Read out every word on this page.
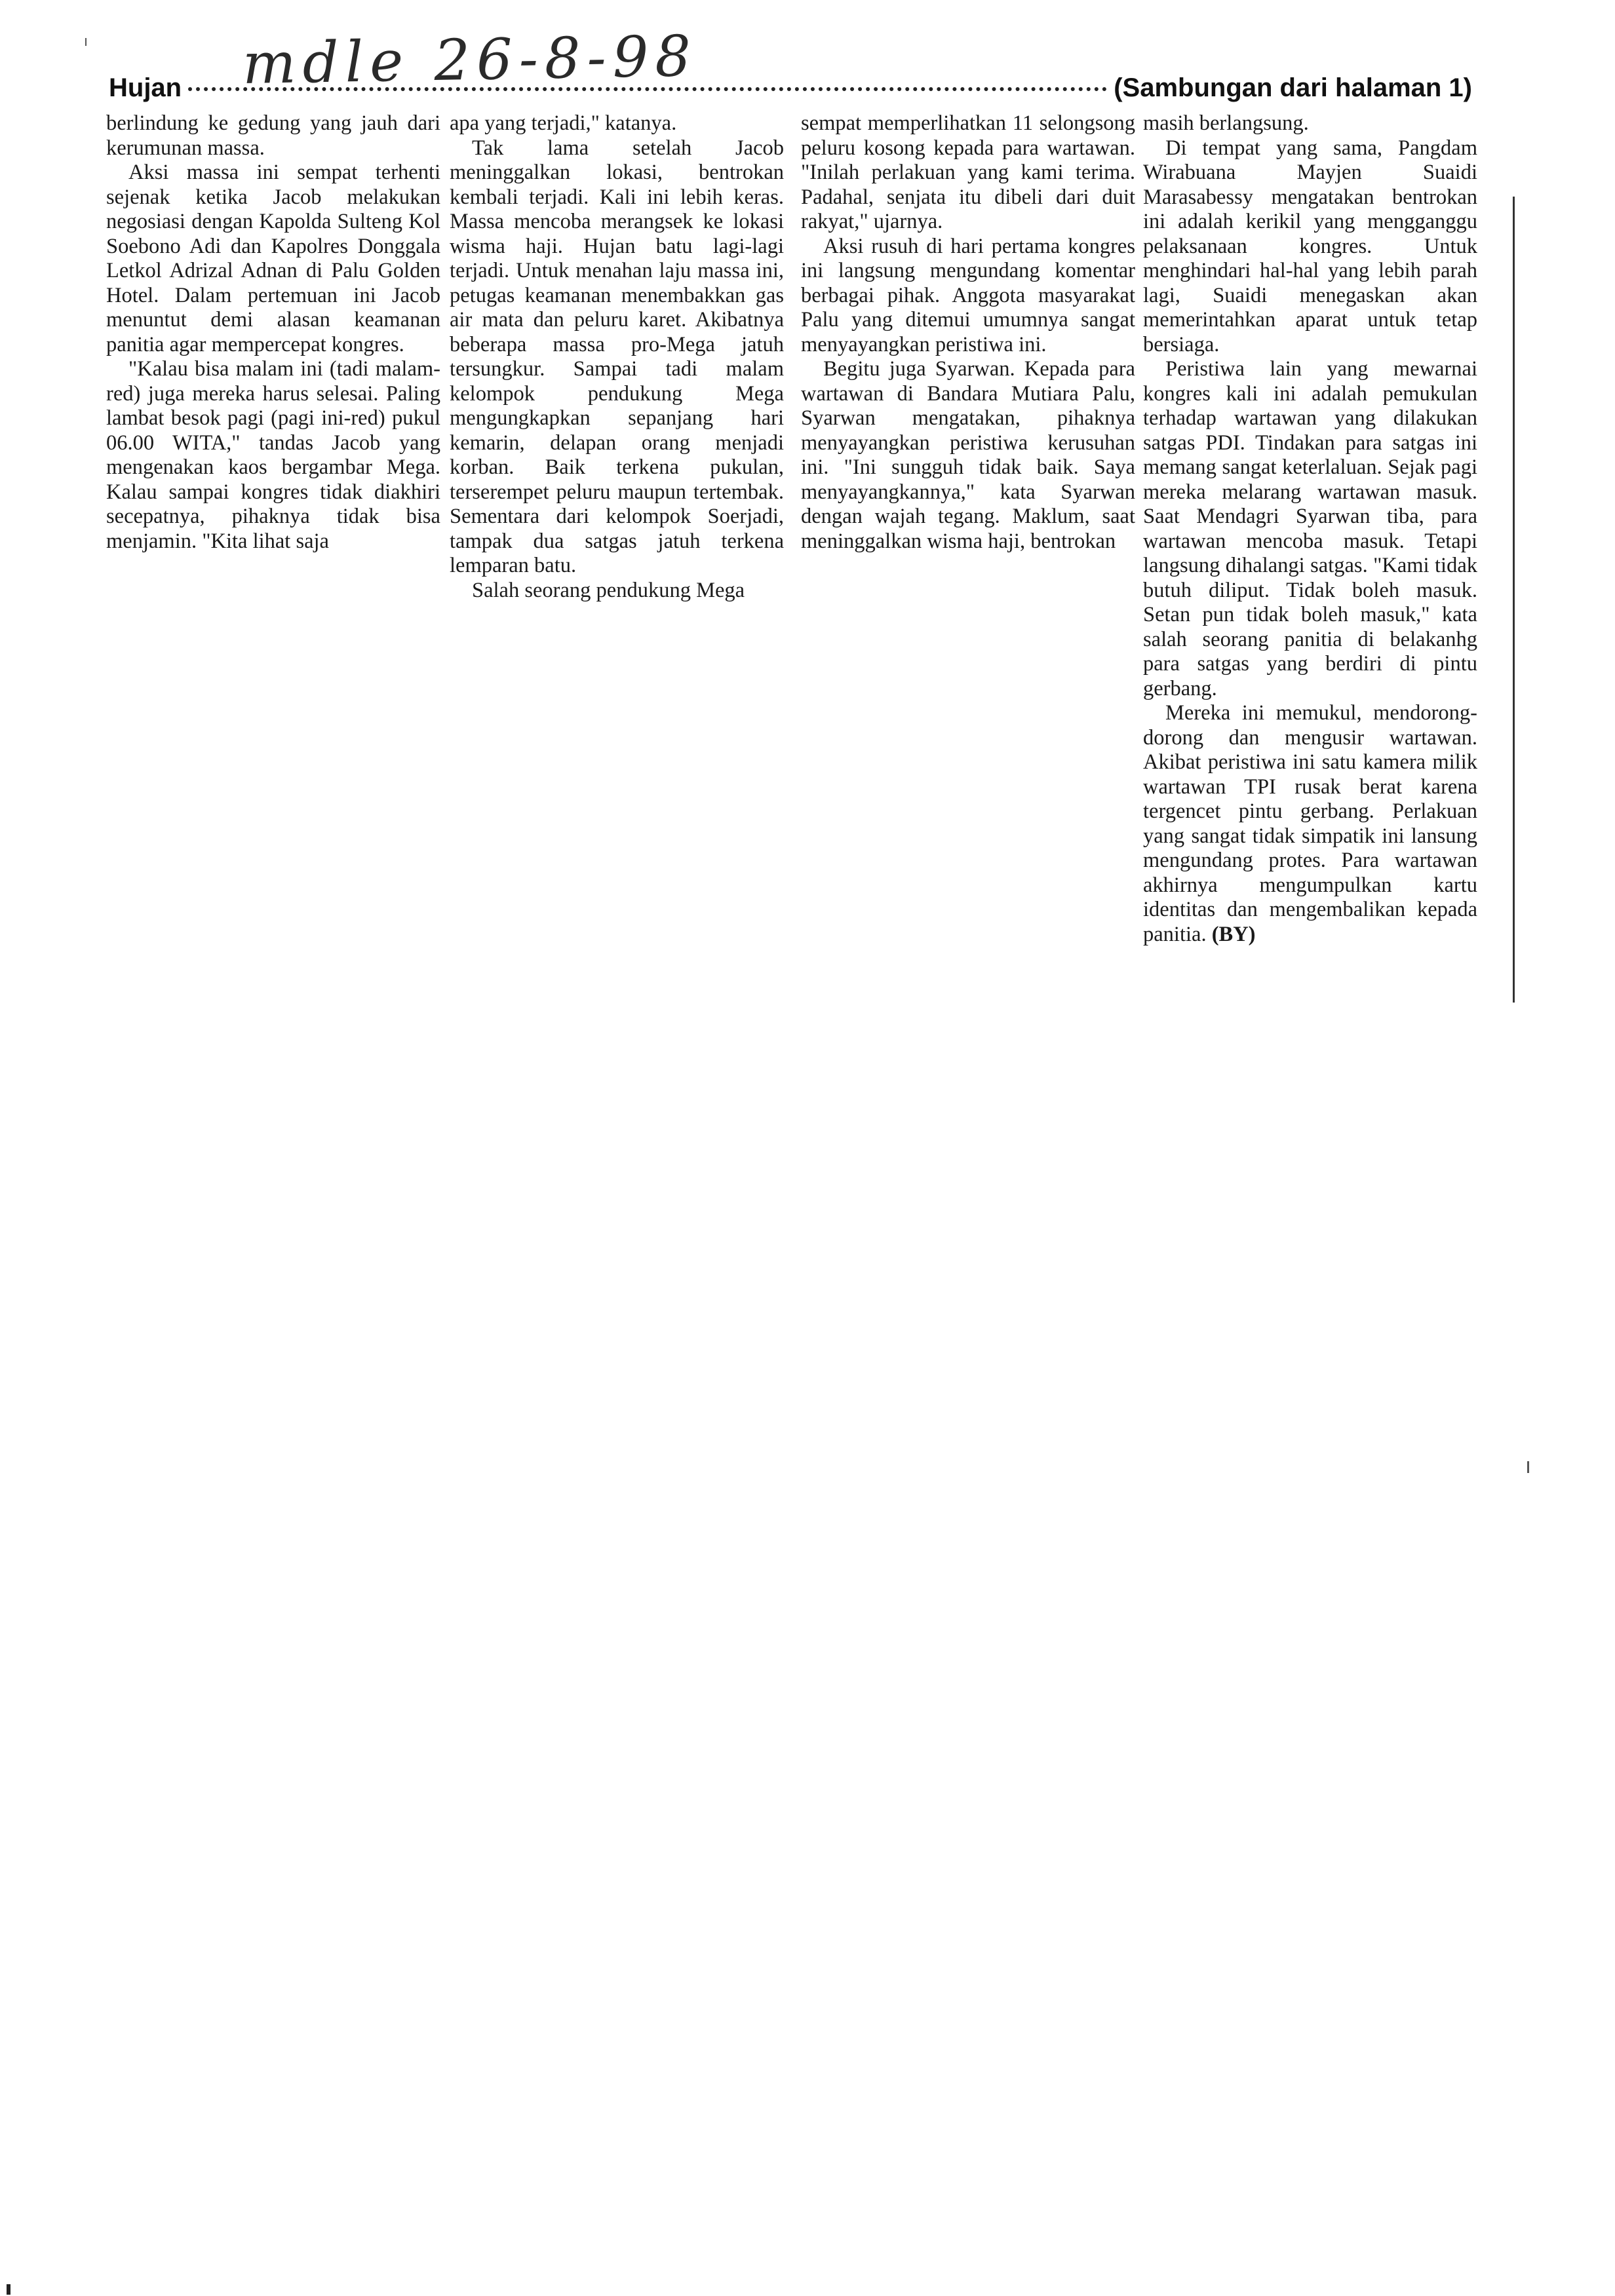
mdle 26-8-98
Hujan	(Sambungan dari halaman 1)

berlindung ke gedung yang jauh dari kerumunan massa.

Aksi massa ini sempat terhenti sejenak ketika Jacob melakukan negosiasi dengan Kapolda Sulteng Kol Soebono Adi dan Kapolres Donggala Letkol Adrizal Adnan di Palu Golden Hotel. Dalam pertemuan ini Jacob menuntut demi alasan keamanan panitia agar mempercepat kongres.

"Kalau bisa malam ini (tadi malam-red) juga mereka harus selesai. Paling lambat besok pagi (pagi ini-red) pukul 06.00 WITA," tandas Jacob yang mengenakan kaos bergambar Mega. Kalau sampai kongres tidak diakhiri secepatnya, pihaknya tidak bisa menjamin. "Kita lihat saja

apa yang terjadi," katanya.

Tak lama setelah Jacob meninggalkan lokasi, bentrokan kembali terjadi. Kali ini lebih keras. Massa mencoba merangsek ke lokasi wisma haji. Hujan batu lagi-lagi terjadi. Untuk menahan laju massa ini, petugas keamanan menembakkan gas air mata dan peluru karet. Akibatnya beberapa massa pro-Mega jatuh tersungkur. Sampai tadi malam kelompok pendukung Mega mengungkapkan sepanjang hari kemarin, delapan orang menjadi korban. Baik terkena pukulan, terserempet peluru maupun tertembak. Sementara dari kelompok Soerjadi, tampak dua satgas jatuh terkena lemparan batu.

Salah seorang pendukung Mega

sempat memperlihatkan 11 selongsong peluru kosong kepada para wartawan. "Inilah perlakuan yang kami terima. Padahal, senjata itu dibeli dari duit rakyat," ujarnya.

Aksi rusuh di hari pertama kongres ini langsung mengundang komentar berbagai pihak. Anggota masyarakat Palu yang ditemui umumnya sangat menyayangkan peristiwa ini.

Begitu juga Syarwan. Kepada para wartawan di Bandara Mutiara Palu, Syarwan mengatakan, pihaknya menyayangkan peristiwa kerusuhan ini. "Ini sungguh tidak baik. Saya menyayangkannya," kata Syarwan dengan wajah tegang. Maklum, saat meninggalkan wisma haji, bentrokan

masih berlangsung.

Di tempat yang sama, Pangdam Wirabuana Mayjen Suaidi Marasabessy mengatakan bentrokan ini adalah kerikil yang mengganggu pelaksanaan kongres. Untuk menghindari hal-hal yang lebih parah lagi, Suaidi menegaskan akan memerintahkan aparat untuk tetap bersiaga.

Peristiwa lain yang mewarnai kongres kali ini adalah pemukulan terhadap wartawan yang dilakukan satgas PDI. Tindakan para satgas ini memang sangat keterlaluan. Sejak pagi mereka melarang wartawan masuk. Saat Mendagri Syarwan tiba, para wartawan mencoba masuk. Tetapi langsung dihalangi satgas. "Kami tidak butuh diliput. Tidak boleh masuk. Setan pun tidak boleh masuk," kata salah seorang panitia di belakanhg para satgas yang berdiri di pintu gerbang.

Mereka ini memukul, mendorong-dorong dan mengusir wartawan. Akibat peristiwa ini satu kamera milik wartawan TPI rusak berat karena tergencet pintu gerbang. Perlakuan yang sangat tidak simpatik ini lansung mengundang protes. Para wartawan akhirnya mengumpulkan kartu identitas dan mengembalikan kepada panitia. (BY)
